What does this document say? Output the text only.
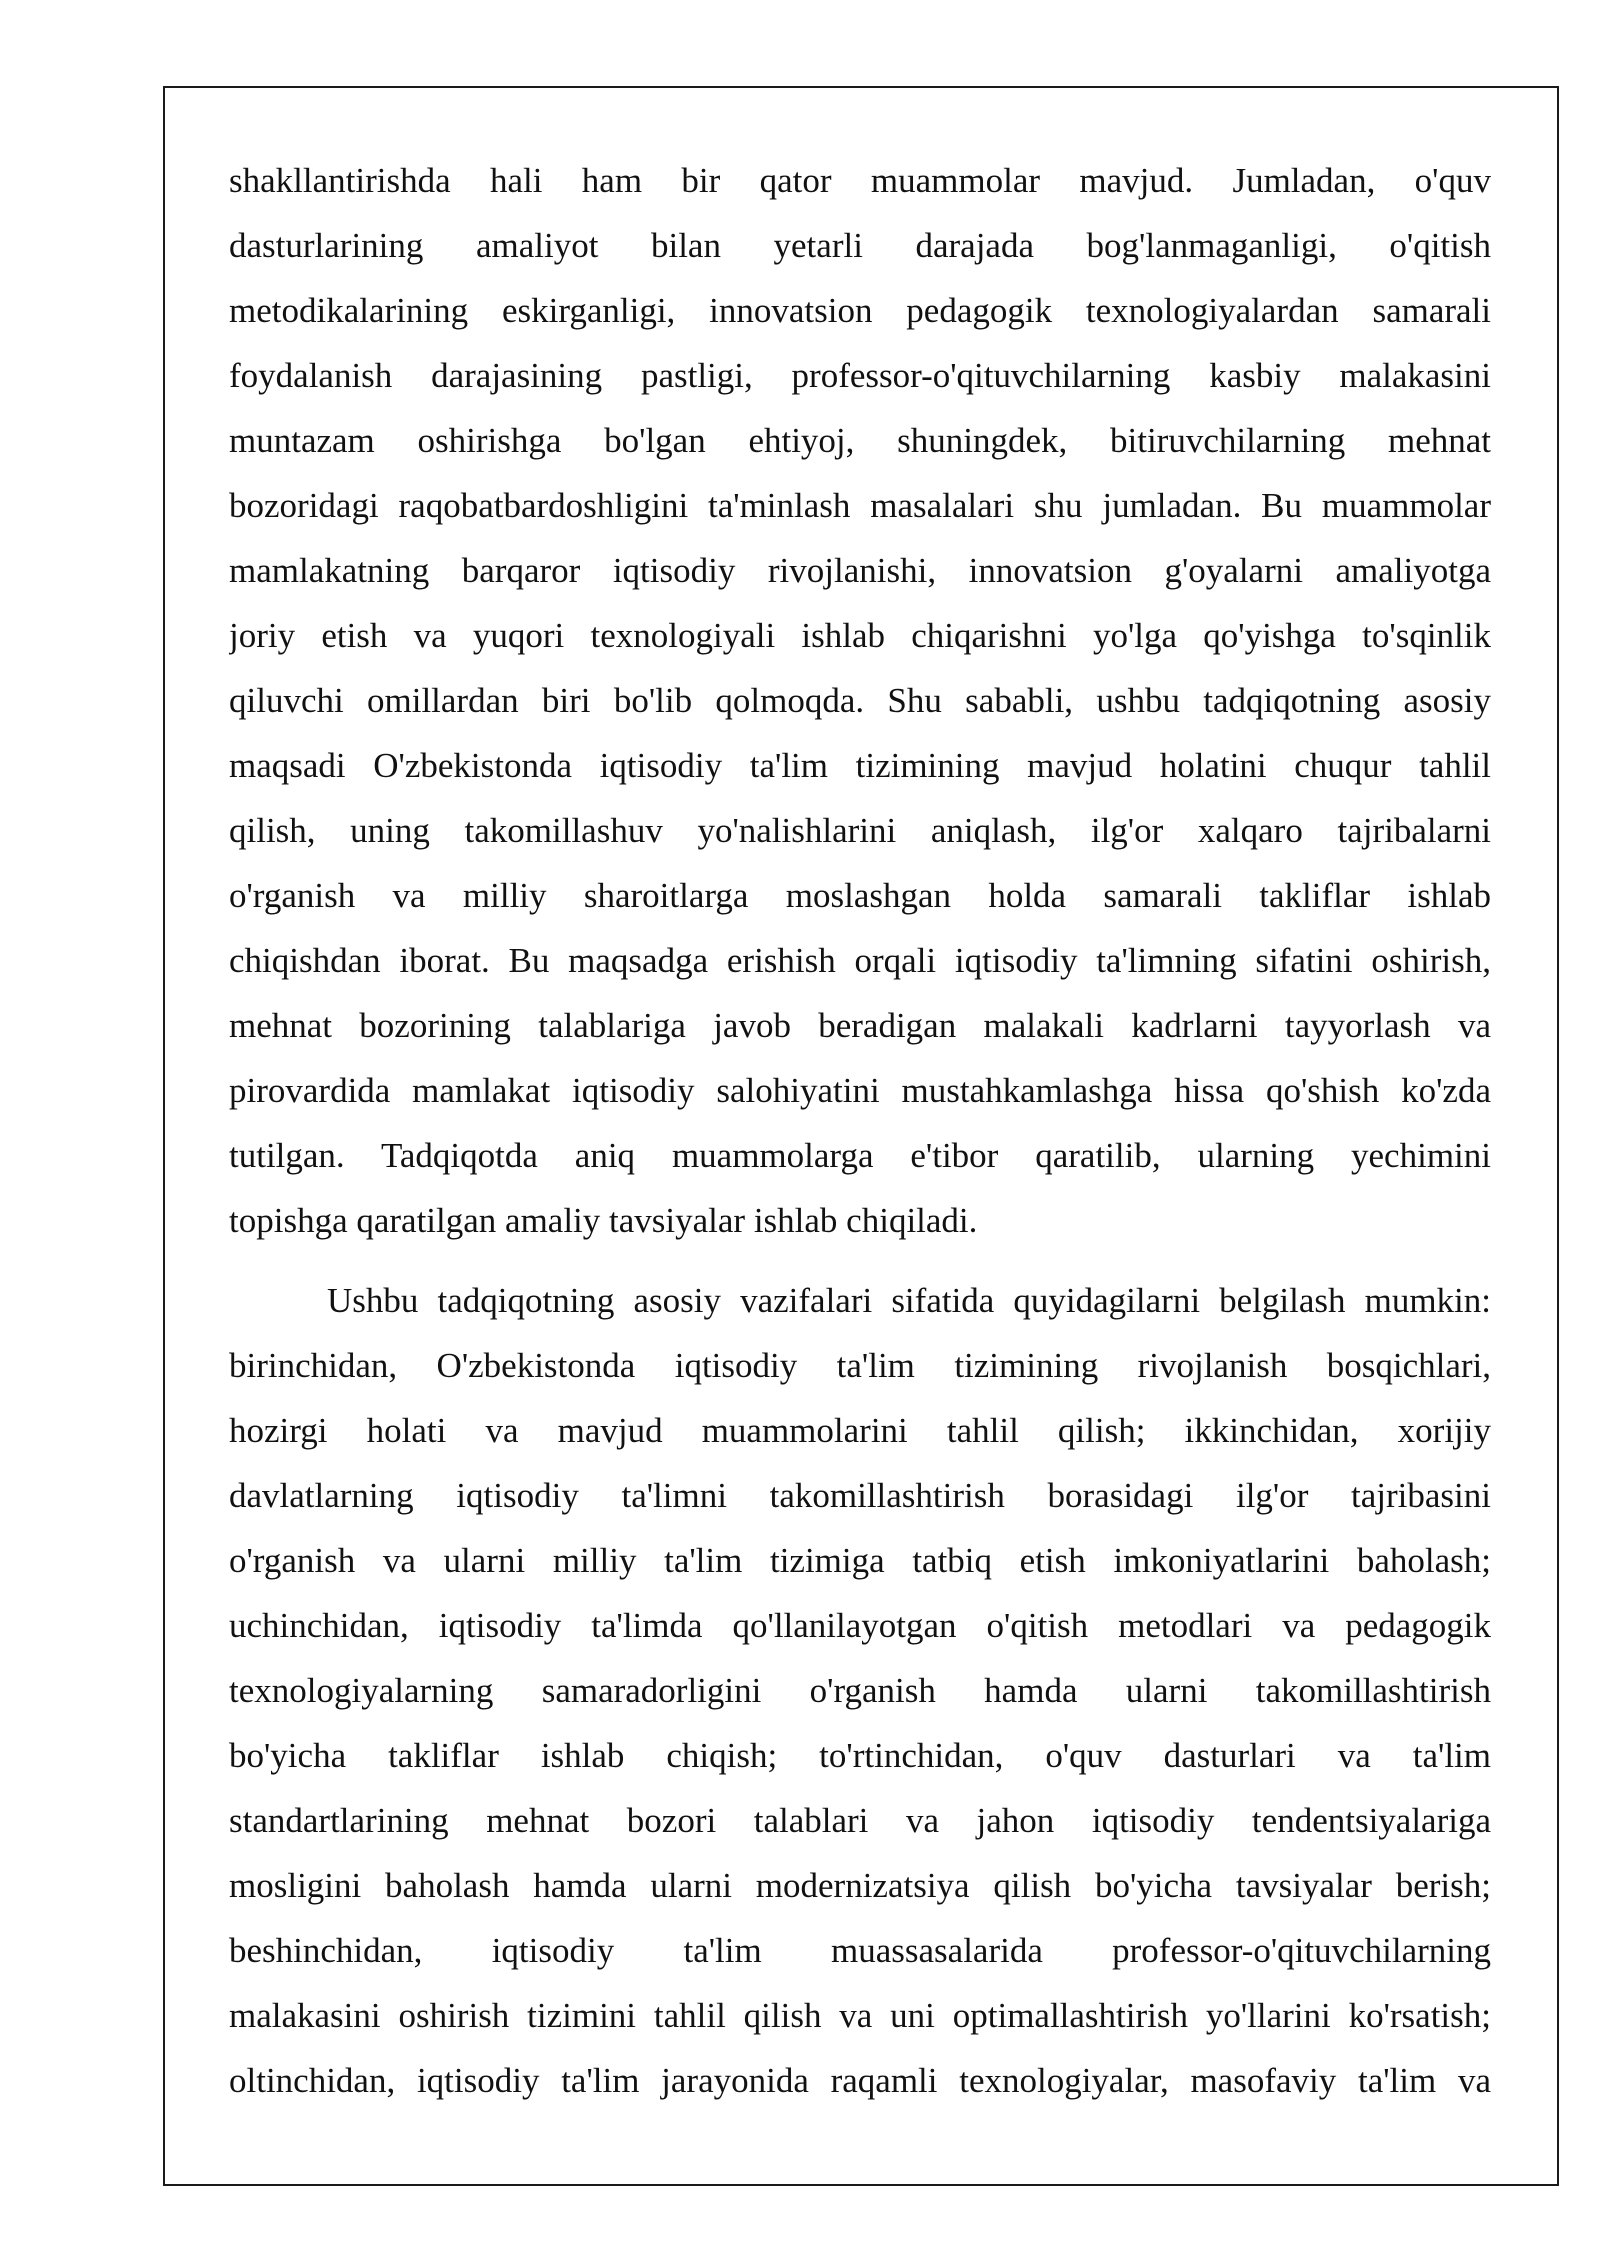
shakllantirishda hali ham bir qator muammolar mavjud. Jumladan, o'quv
dasturlarining amaliyot bilan yetarli darajada bog'lanmaganligi, o'qitish
metodikalarining eskirganligi, innovatsion pedagogik texnologiyalardan samarali
foydalanish darajasining pastligi, professor-o'qituvchilarning kasbiy malakasini
muntazam oshirishga bo'lgan ehtiyoj, shuningdek, bitiruvchilarning mehnat
bozoridagi raqobatbardoshligini ta'minlash masalalari shu jumladan. Bu muammolar
mamlakatning barqaror iqtisodiy rivojlanishi, innovatsion g'oyalarni amaliyotga
joriy etish va yuqori texnologiyali ishlab chiqarishni yo'lga qo'yishga to'sqinlik
qiluvchi omillardan biri bo'lib qolmoqda. Shu sababli, ushbu tadqiqotning asosiy
maqsadi O'zbekistonda iqtisodiy ta'lim tizimining mavjud holatini chuqur tahlil
qilish, uning takomillashuv yo'nalishlarini aniqlash, ilg'or xalqaro tajribalarni
o'rganish va milliy sharoitlarga moslashgan holda samarali takliflar ishlab
chiqishdan iborat. Bu maqsadga erishish orqali iqtisodiy ta'limning sifatini oshirish,
mehnat bozorining talablariga javob beradigan malakali kadrlarni tayyorlash va
pirovardida mamlakat iqtisodiy salohiyatini mustahkamlashga hissa qo'shish ko'zda
tutilgan. Tadqiqotda aniq muammolarga e'tibor qaratilib, ularning yechimini
topishga qaratilgan amaliy tavsiyalar ishlab chiqiladi.
Ushbu tadqiqotning asosiy vazifalari sifatida quyidagilarni belgilash mumkin:
birinchidan, O'zbekistonda iqtisodiy ta'lim tizimining rivojlanish bosqichlari,
hozirgi holati va mavjud muammolarini tahlil qilish; ikkinchidan, xorijiy
davlatlarning iqtisodiy ta'limni takomillashtirish borasidagi ilg'or tajribasini
o'rganish va ularni milliy ta'lim tizimiga tatbiq etish imkoniyatlarini baholash;
uchinchidan, iqtisodiy ta'limda qo'llanilayotgan o'qitish metodlari va pedagogik
texnologiyalarning samaradorligini o'rganish hamda ularni takomillashtirish
bo'yicha takliflar ishlab chiqish; to'rtinchidan, o'quv dasturlari va ta'lim
standartlarining mehnat bozori talablari va jahon iqtisodiy tendentsiyalariga
mosligini baholash hamda ularni modernizatsiya qilish bo'yicha tavsiyalar berish;
beshinchidan, iqtisodiy ta'lim muassasalarida professor-o'qituvchilarning
malakasini oshirish tizimini tahlil qilish va uni optimallashtirish yo'llarini ko'rsatish;
oltinchidan, iqtisodiy ta'lim jarayonida raqamli texnologiyalar, masofaviy ta'lim va
